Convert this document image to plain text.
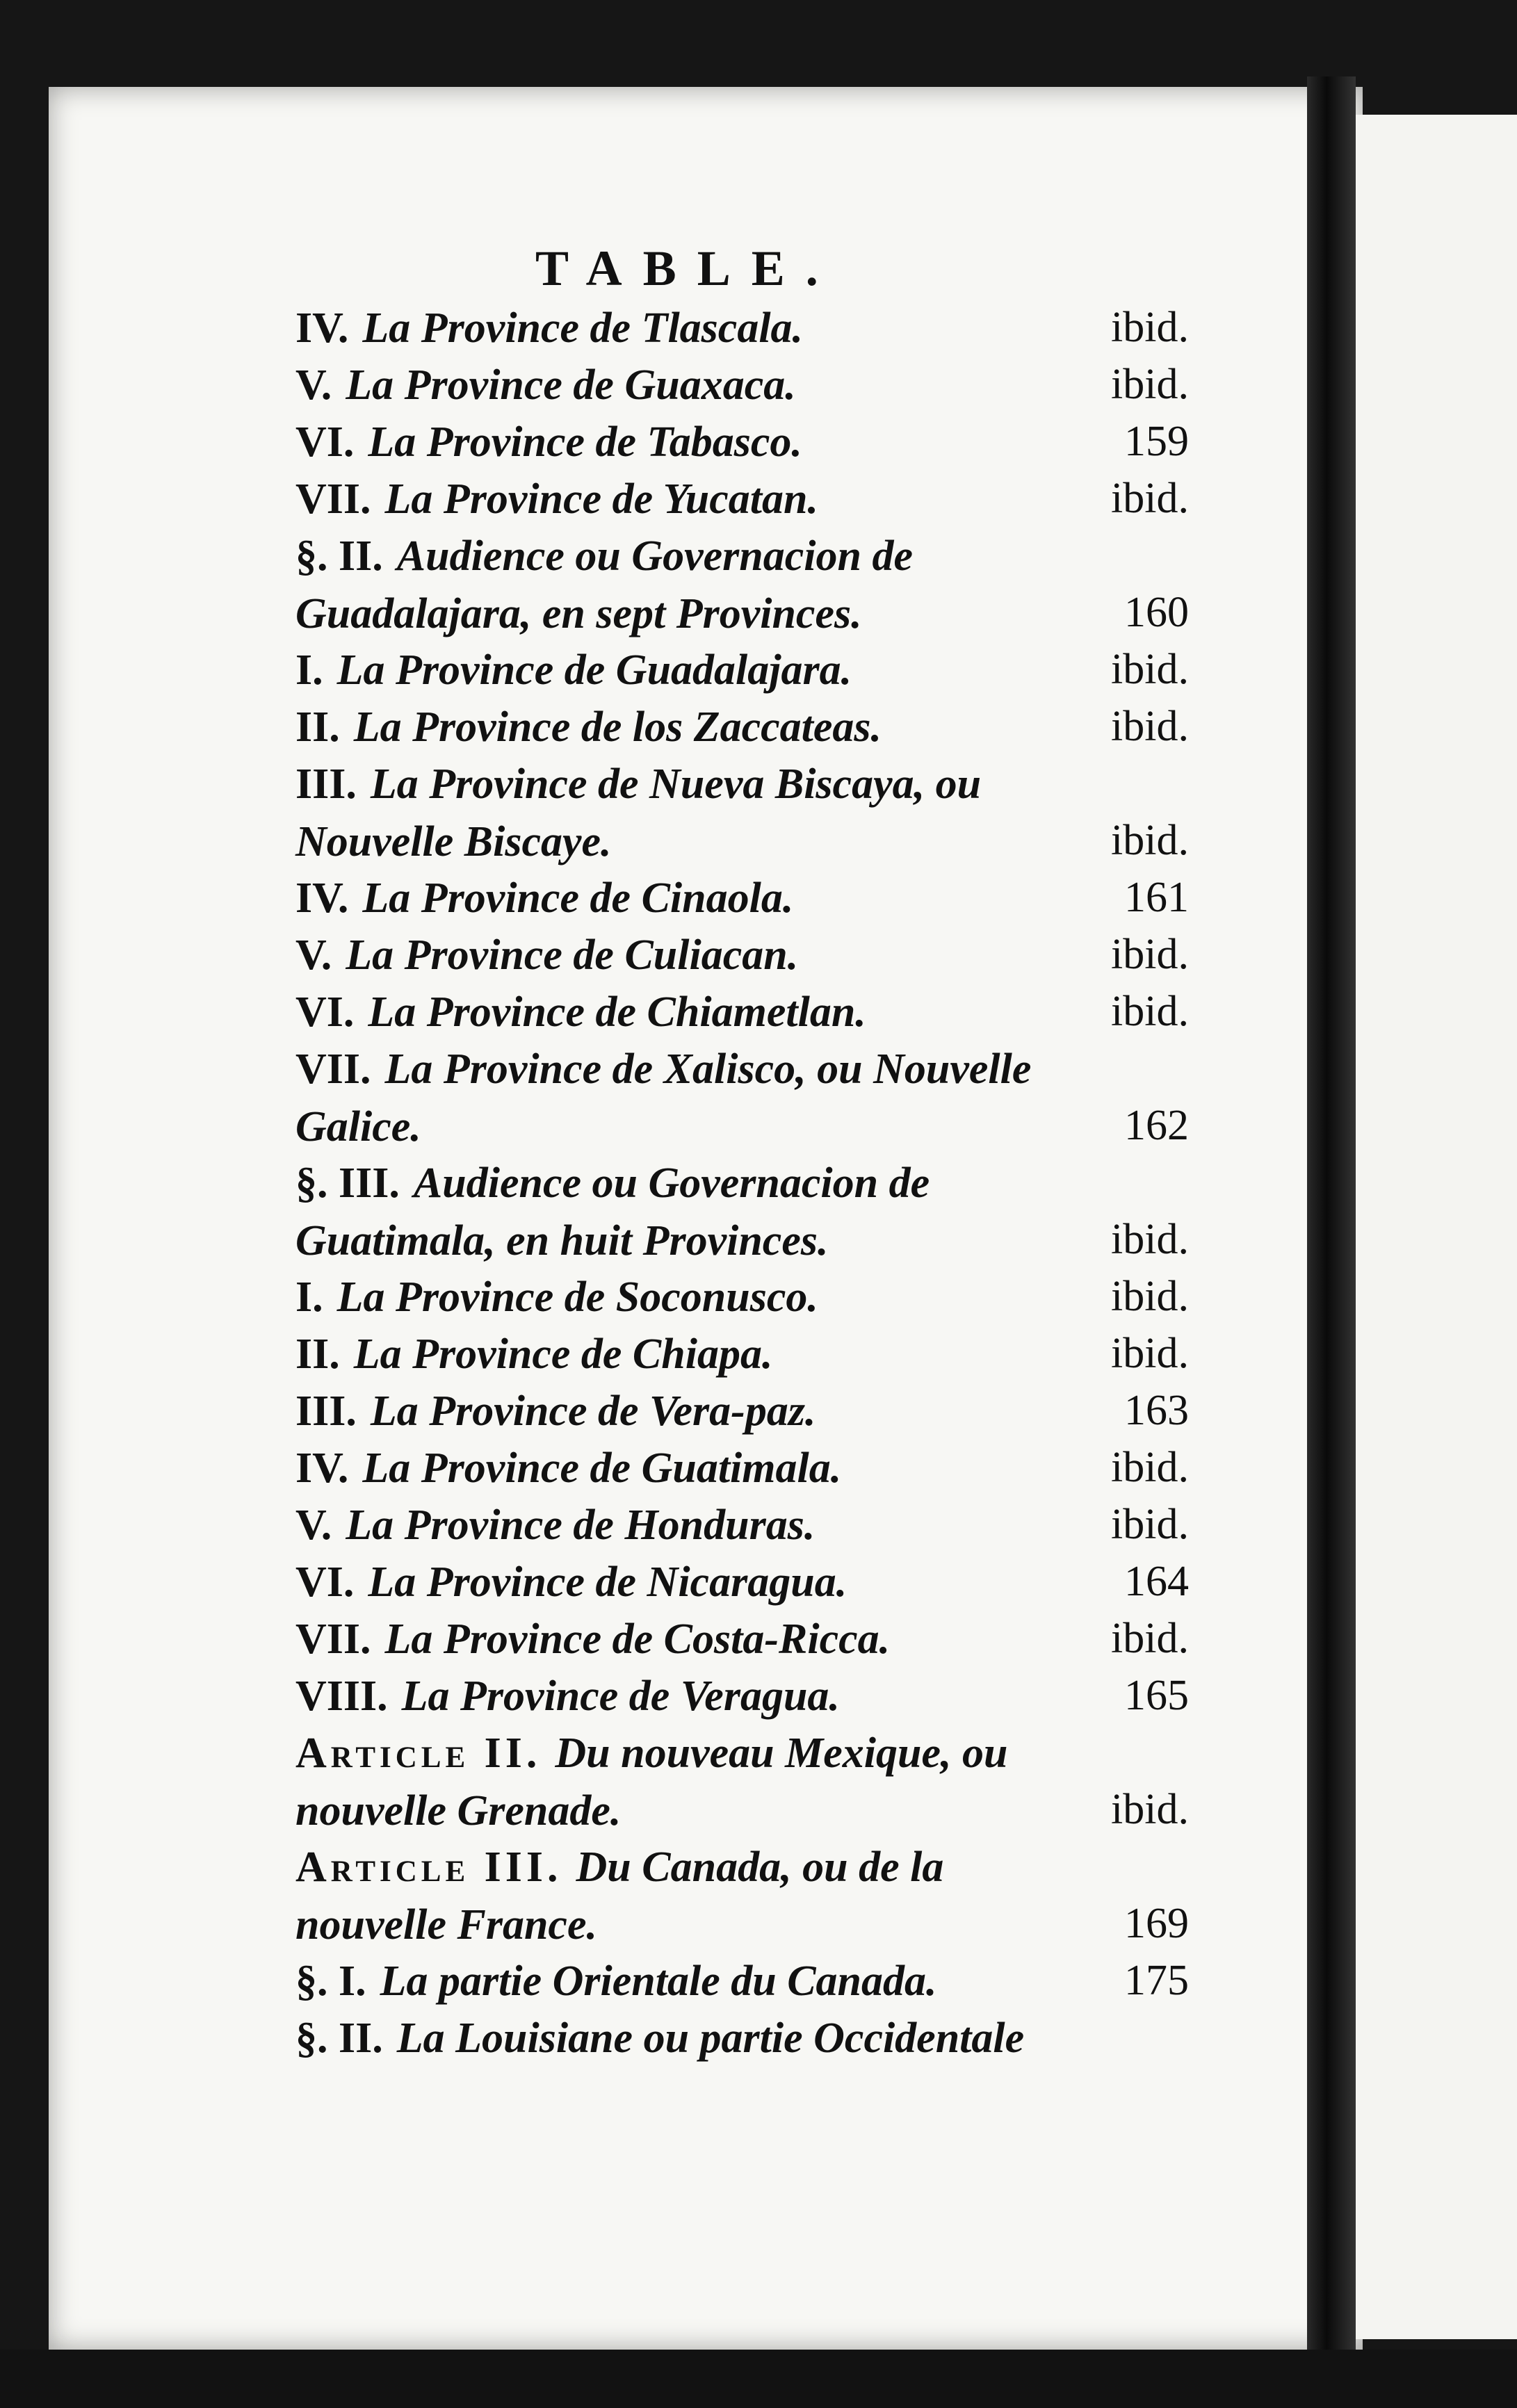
TABLE.
IV. La Province de Tlascala.	ibid.
V. La Province de Guaxaca.	ibid.
VI. La Province de Tabasco.	159
VII. La Province de Yucatan.	ibid.
§. II. Audience ou Governacion de Guadalajara, en sept Provinces.	160
I. La Province de Guadalajara.	ibid.
II. La Province de los Zaccateas.	ibid.
III. La Province de Nueva Biscaya, ou Nouvelle Biscaye.	ibid.
IV. La Province de Cinaola.	161
V. La Province de Culiacan.	ibid.
VI. La Province de Chiametlan.	ibid.
VII. La Province de Xalisco, ou Nouvelle Galice.	162
§. III. Audience ou Governacion de Guatimala, en huit Provinces.	ibid.
I. La Province de Soconusco.	ibid.
II. La Province de Chiapa.	ibid.
III. La Province de Vera-paz.	163
IV. La Province de Guatimala.	ibid.
V. La Province de Honduras.	ibid.
VI. La Province de Nicaragua.	164
VII. La Province de Costa-Ricca.	ibid.
VIII. La Province de Veragua.	165
Article II. Du nouveau Mexique, ou nouvelle Grenade.	ibid.
Article III. Du Canada, ou de la nouvelle France.	169
§. I. La partie Orientale du Canada.	175
§. II. La Louisiane ou partie Occidentale
